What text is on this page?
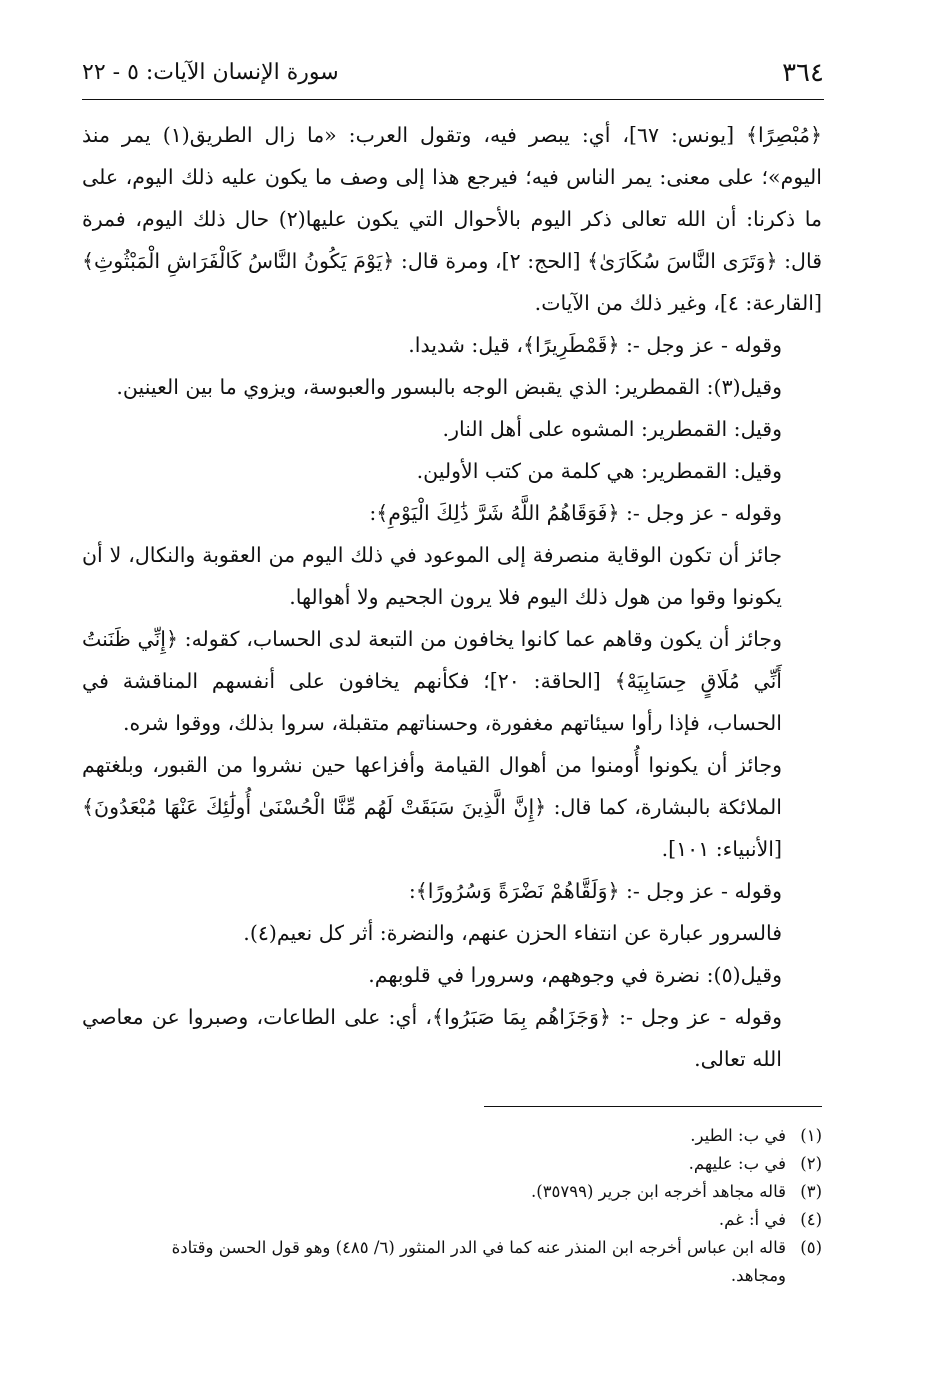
٣٦٤
سورة الإنسان الآيات: ٥ - ٢٢

﴿مُبْصِرًا﴾ [يونس: ٦٧]، أي: يبصر فيه، وتقول العرب: «ما زال الطريق(١) يمر منذ اليوم»؛ على معنى: يمر الناس فيه؛ فيرجع هذا إلى وصف ما يكون عليه ذلك اليوم، على ما ذكرنا: أن الله تعالى ذكر اليوم بالأحوال التي يكون عليها(٢) حال ذلك اليوم، فمرة قال: ﴿وَتَرَى النَّاسَ سُكَارَىٰ﴾ [الحج: ٢]، ومرة قال: ﴿يَوْمَ يَكُونُ النَّاسُ كَالْفَرَاشِ الْمَبْثُوثِ﴾ [القارعة: ٤]، وغير ذلك من الآيات.

وقوله - عز وجل -: ﴿قَمْطَرِيرًا﴾، قيل: شديدا.

وقيل(٣): القمطرير: الذي يقبض الوجه بالبسور والعبوسة، ويزوي ما بين العينين.

وقيل: القمطرير: المشوه على أهل النار.

وقيل: القمطرير: هي كلمة من كتب الأولين.

وقوله - عز وجل -: ﴿فَوَقَاهُمُ اللَّهُ شَرَّ ذَٰلِكَ الْيَوْمِ﴾:

جائز أن تكون الوقاية منصرفة إلى الموعود في ذلك اليوم من العقوبة والنكال، لا أن يكونوا وقوا من هول ذلك اليوم فلا يرون الجحيم ولا أهوالها.

وجائز أن يكون وقاهم عما كانوا يخافون من التبعة لدى الحساب، كقوله: ﴿إِنِّي ظَنَنتُ أَنِّي مُلَاقٍ حِسَابِيَهْ﴾ [الحاقة: ٢٠]؛ فكأنهم يخافون على أنفسهم المناقشة في الحساب، فإذا رأوا سيئاتهم مغفورة، وحسناتهم متقبلة، سروا بذلك، ووقوا شره.

وجائز أن يكونوا أُومنوا من أهوال القيامة وأفزاعها حين نشروا من القبور، وبلغتهم الملائكة بالبشارة، كما قال: ﴿إِنَّ الَّذِينَ سَبَقَتْ لَهُم مِّنَّا الْحُسْنَىٰ أُولَٰئِكَ عَنْهَا مُبْعَدُونَ﴾ [الأنبياء: ١٠١].

وقوله - عز وجل -: ﴿وَلَقَّاهُمْ نَضْرَةً وَسُرُورًا﴾:

فالسرور عبارة عن انتفاء الحزن عنهم، والنضرة: أثر كل نعيم(٤).

وقيل(٥): نضرة في وجوههم، وسرورا في قلوبهم.

وقوله - عز وجل -: ﴿وَجَزَاهُم بِمَا صَبَرُوا﴾، أي: على الطاعات، وصبروا عن معاصي الله تعالى.

(١)في ب: الطير.

(٢)في ب: عليهم.

(٣)قاله مجاهد أخرجه ابن جرير (٣٥٧٩٩).

(٤)في أ: غم.

(٥)قاله ابن عباس أخرجه ابن المنذر عنه كما في الدر المنثور (٦/ ٤٨٥) وهو قول الحسن وقتادة

ومجاهد.
